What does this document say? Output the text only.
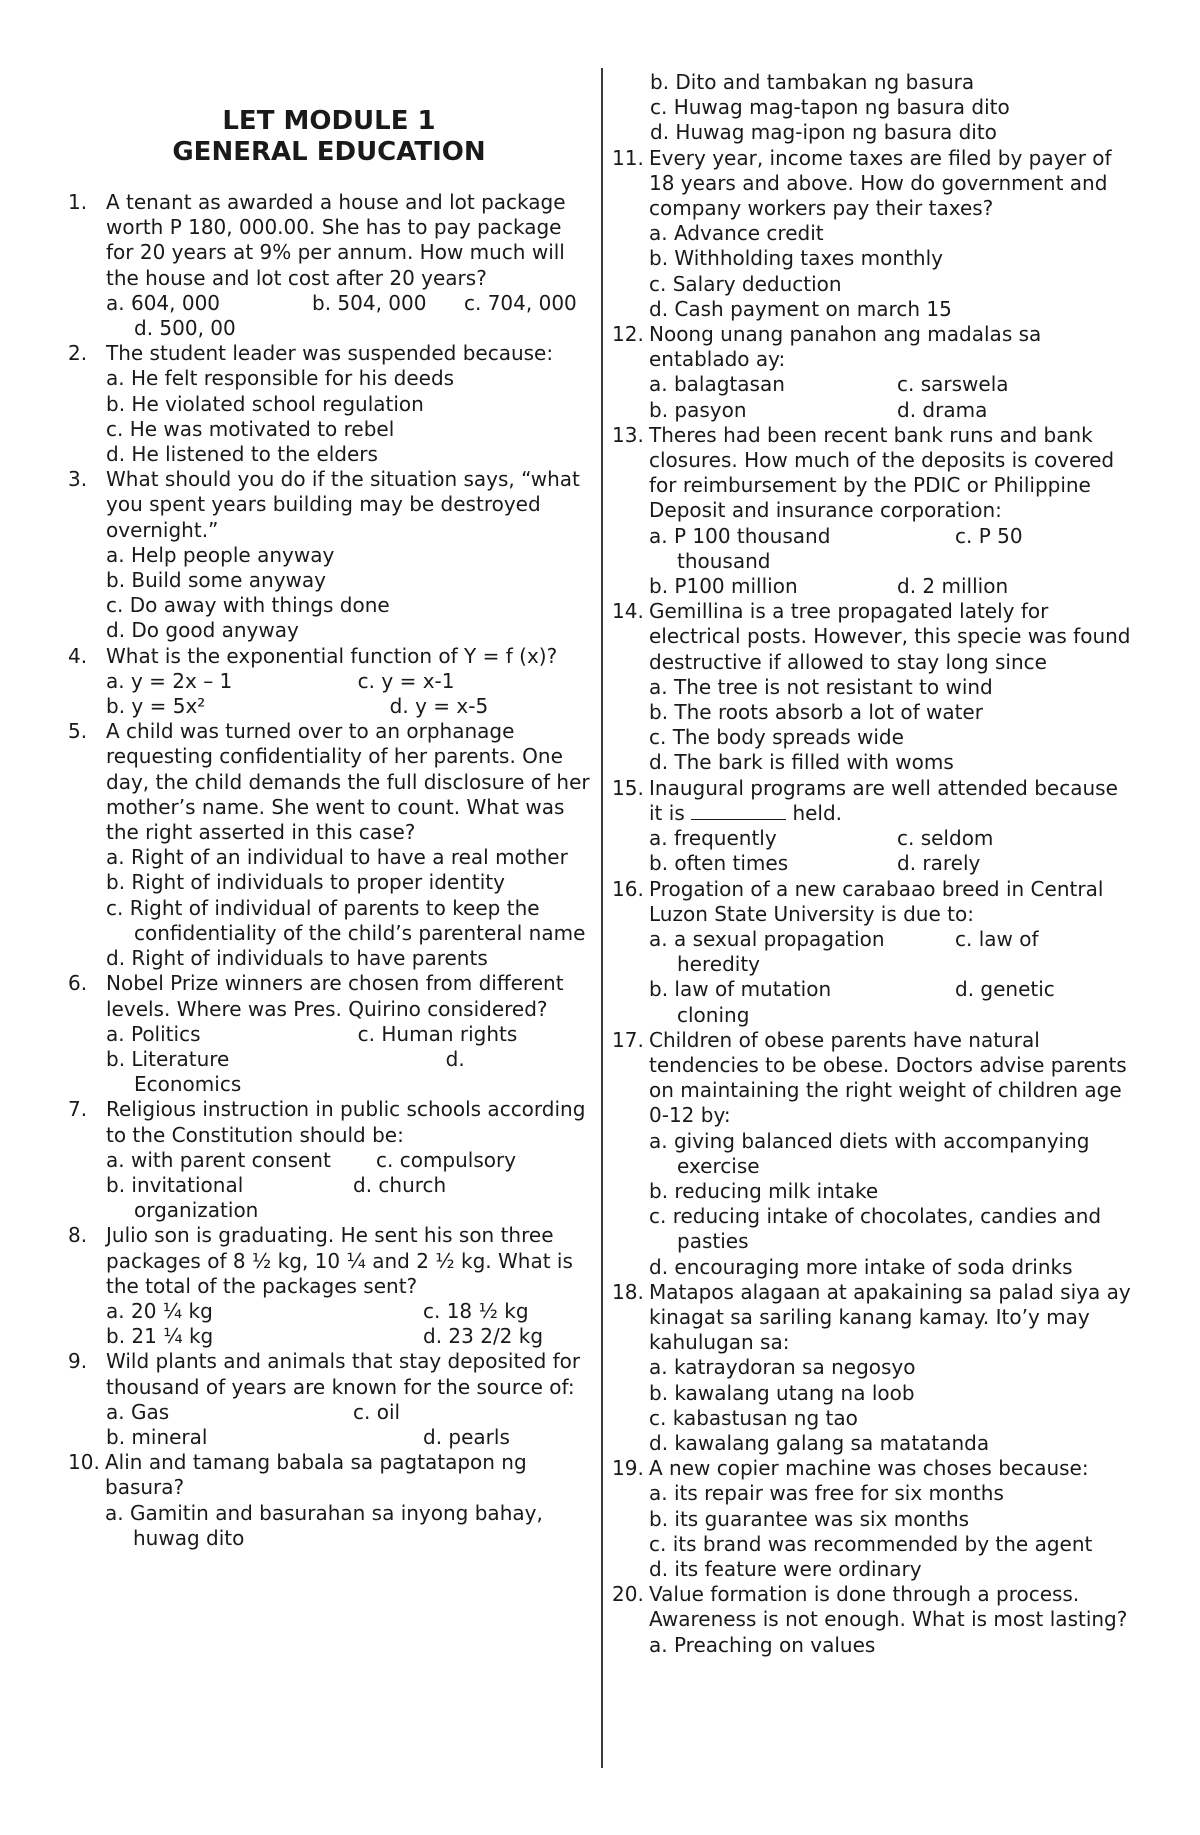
LET MODULE 1
GENERAL EDUCATION
1. A tenant as awarded a house and lot package worth P 180, 000.00. She has to pay package for 20 years at 9% per annum. How much will the house and lot cost after 20 years?
a. 604, 000	b. 504, 000	c. 704, 000
d. 500, 00
2. The student leader was suspended because:
a. He felt responsible for his deeds
b. He violated school regulation
c. He was motivated to rebel
d. He listened to the elders
3. What should you do if the situation says, “what you spent years building may be destroyed overnight.”
a. Help people anyway
b. Build some anyway
c. Do away with things done
d. Do good anyway
4. What is the exponential function of Y = f (x)?
a. y = 2x – 1	c. y = x-1
b. y = 5x²	d. y = x-5
5. A child was turned over to an orphanage requesting confidentiality of her parents. One day, the child demands the full disclosure of her mother’s name. She went to count. What was the right asserted in this case?
a. Right of an individual to have a real mother
b. Right of individuals to proper identity
c. Right of individual of parents to keep the confidentiality of the child’s parenteral name
d. Right of individuals to have parents
6. Nobel Prize winners are chosen from different levels. Where was Pres. Quirino considered?
a. Politics	c. Human rights
b. Literature	d.
Economics
7. Religious instruction in public schools according to the Constitution should be:
a. with parent consent	c. compulsory
b. invitational	d. church
organization
8. Julio son is graduating. He sent his son three packages of 8 ½ kg, 10 ¼ and 2 ½ kg. What is the total of the packages sent?
a. 20 ¼ kg	c. 18 ½ kg
b. 21 ¼ kg	d. 23 2/2 kg
9. Wild plants and animals that stay deposited for thousand of years are known for the source of:
a. Gas	c. oil
b. mineral	d. pearls
10. Alin and tamang babala sa pagtatapon ng basura?
a. Gamitin and basurahan sa inyong bahay, huwag dito
b. Dito and tambakan ng basura
c. Huwag mag-tapon ng basura dito
d. Huwag mag-ipon ng basura dito
11. Every year, income taxes are filed by payer of 18 years and above. How do government and company workers pay their taxes?
a. Advance credit
b. Withholding taxes monthly
c. Salary deduction
d. Cash payment on march 15
12. Noong unang panahon ang madalas sa entablado ay:
a. balagtasan	c. sarswela
b. pasyon	d. drama
13. Theres had been recent bank runs and bank closures. How much of the deposits is covered for reimbursement by the PDIC or Philippine Deposit and insurance corporation:
a. P 100 thousand	c. P 50
thousand
b. P100 million	d. 2 million
14. Gemillina is a tree propagated lately for electrical posts. However, this specie was found destructive if allowed to stay long since
a. The tree is not resistant to wind
b. The roots absorb a lot of water
c. The body spreads wide
d. The bark is filled with woms
15. Inaugural programs are well attended because it is	held.
a. frequently	c. seldom
b. often times	d. rarely
16. Progation of a new carabaao breed in Central Luzon State University is due to:
a. a sexual propagation	c. law of
heredity
b. law of mutation	d. genetic
cloning
17. Children of obese parents have natural tendencies to be obese. Doctors advise parents on maintaining the right weight of children age 0-12 by:
a. giving balanced diets with accompanying exercise
b. reducing milk intake
c. reducing intake of chocolates, candies and pasties
d. encouraging more intake of soda drinks
18. Matapos alagaan at apakaining sa palad siya ay kinagat sa sariling kanang kamay. Ito’y may kahulugan sa:
a. katraydoran sa negosyo
b. kawalang utang na loob
c. kabastusan ng tao
d. kawalang galang sa matatanda
19. A new copier machine was choses because:
a. its repair was free for six months
b. its guarantee was six months
c. its brand was recommended by the agent
d. its feature were ordinary
20. Value formation is done through a process. Awareness is not enough. What is most lasting?
a. Preaching on values
